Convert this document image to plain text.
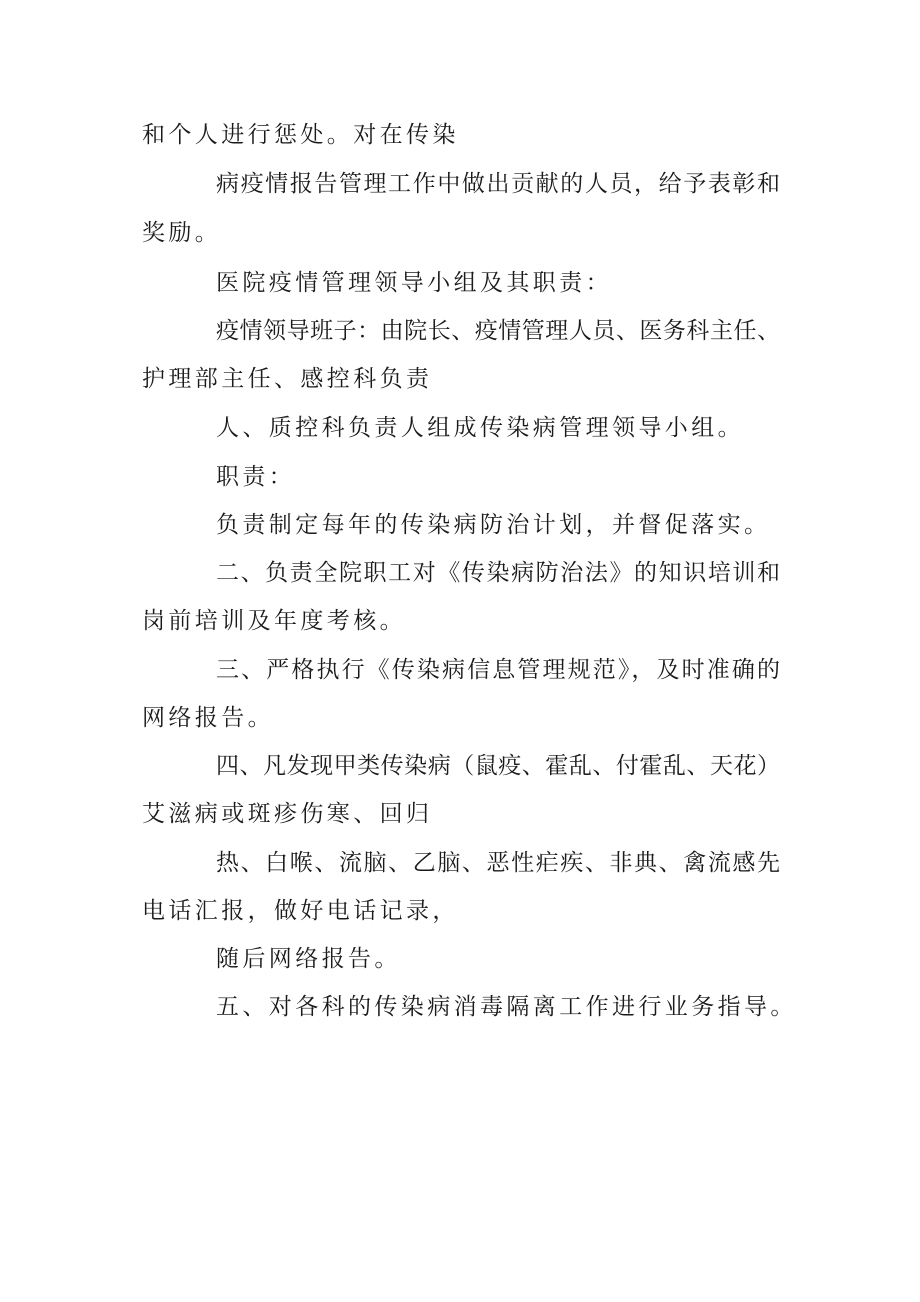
和个人进行惩处。对在传染
病疫情报告管理工作中做出贡献的人员，给予表彰和
奖励。
医院疫情管理领导小组及其职责：
疫情领导班子：由院长、疫情管理人员、医务科主任、
护理部主任、感控科负责
人、质控科负责人组成传染病管理领导小组。
职责：
负责制定每年的传染病防治计划，并督促落实。
二、负责全院职工对《传染病防治法》的知识培训和
岗前培训及年度考核。
三、严格执行《传染病信息管理规范》，及时准确的
网络报告。
四、凡发现甲类传染病（鼠疫、霍乱、付霍乱、天花）
艾滋病或斑疹伤寒、回归
热、白喉、流脑、乙脑、恶性疟疾、非典、禽流感先
电话汇报，做好电话记录，
随后网络报告。
五、对各科的传染病消毒隔离工作进行业务指导。
